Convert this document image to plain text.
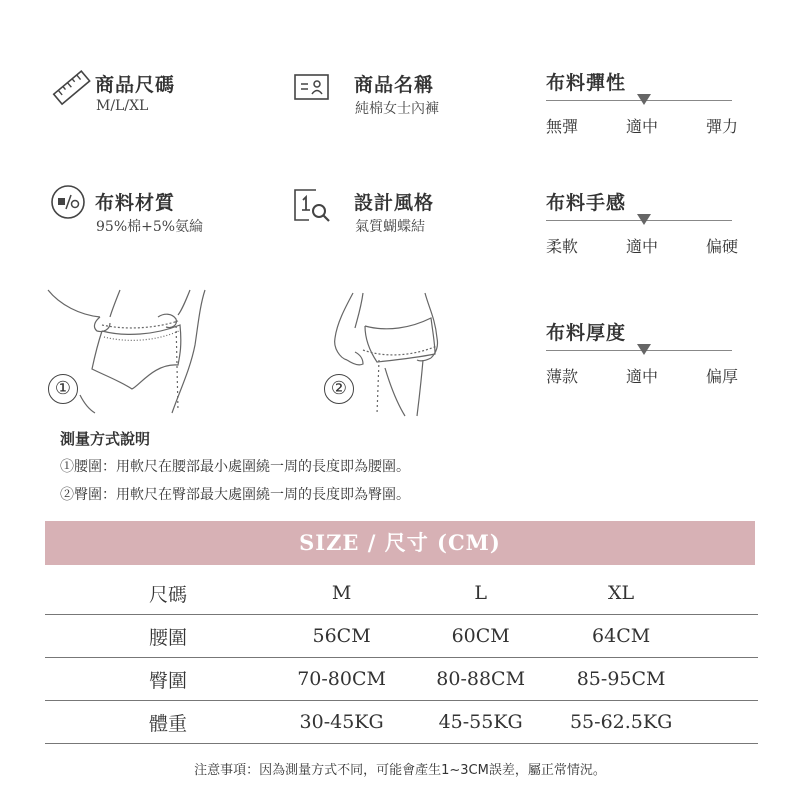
商品尺碼
M/L/XL
商品名稱
純棉女士內褲
布料材質
95%棉+5%氨綸
設計風格
氣質蝴蝶結
布料彈性
無彈	適中	彈力
布料手感
柔軟	適中	偏硬
布料厚度
薄款	適中	偏厚
①	②
測量方式說明
①腰圍：用軟尺在腰部最小處圍繞一周的長度即為腰圍。
②臀圍：用軟尺在臀部最大處圍繞一周的長度即為臀圍。
SIZE / 尺寸 (CM)
尺碼	M	L	XL	
腰圍	56CM	60CM	64CM	
臀圍	70-80CM	80-88CM	85-95CM	
體重	30-45KG	45-55KG	55-62.5KG	
注意事項：因為測量方式不同，可能會產生1~3CM誤差，屬正常情況。
